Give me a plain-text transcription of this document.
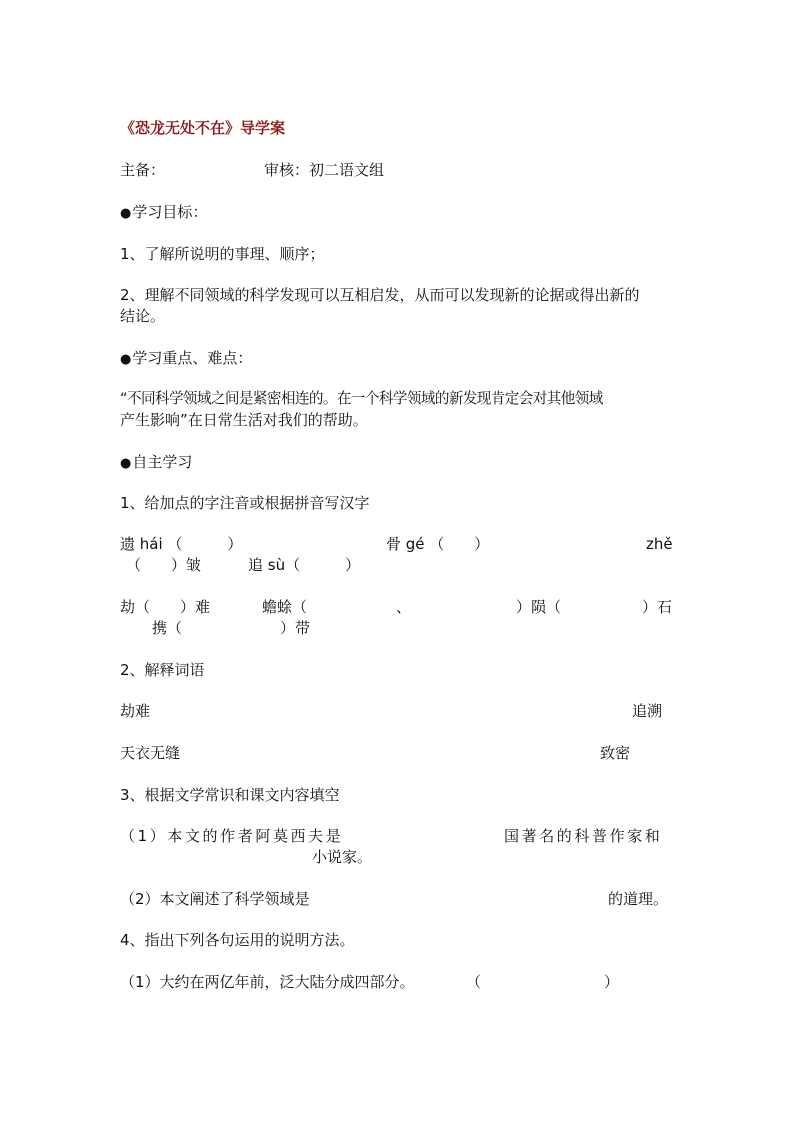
《恐龙无处不在》导学案
主备：	审核：初二语文组
●学习目标：
1、了解所说明的事理、顺序；
2、理解不同领域的科学发现可以互相启发，从而可以发现新的论据或得出新的
结论。
●学习重点、难点：
“不同科学领域之间是紧密相连的。在一个科学领域的新发现肯定会对其他领域
产生影响”在日常生活对我们的帮助。
●自主学习
1、给加点的字注音或根据拼音写汉字
遗 hái （　　　）	骨 gé （　　）	zhě
（　　）皱	追 sù（　　　）
劫（　　）难	蟾蜍（	、	）陨（	）石
携（	）带
2、解释词语
劫难	追溯
天衣无缝	致密
3、根据文学常识和课文内容填空
（1）本文的作者阿莫西夫是	国著名的科普作家和
小说家。
（2）本文阐述了科学领域是	的道理。
4、指出下列各句运用的说明方法。
（1）大约在两亿年前，泛大陆分成四部分。	（	）
